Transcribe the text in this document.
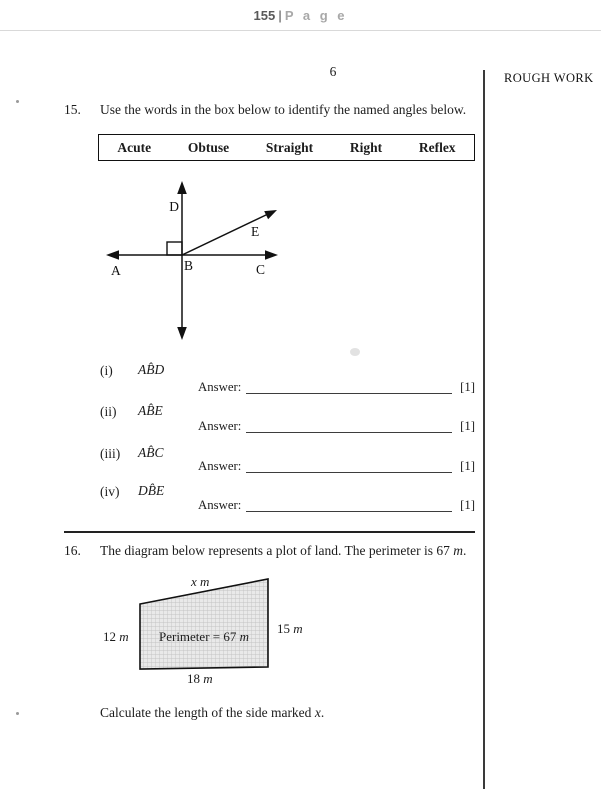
155 | P a g e
6	ROUGH WORK
15. Use the words in the box below to identify the named angles below.
Acute	Obtuse	Straight	Right	Reflex
D
E
A	B	C
(i) AB̂D
Answer:	[1]
(ii) AB̂E
Answer:	[1]
(iii) AB̂C
Answer:	[1]
(iv) DB̂E
Answer:	[1]
16. The diagram below represents a plot of land. The perimeter is 67 m.
x m
12 m
15 m
18 m
Perimeter = 67 m
Calculate the length of the side marked x.
